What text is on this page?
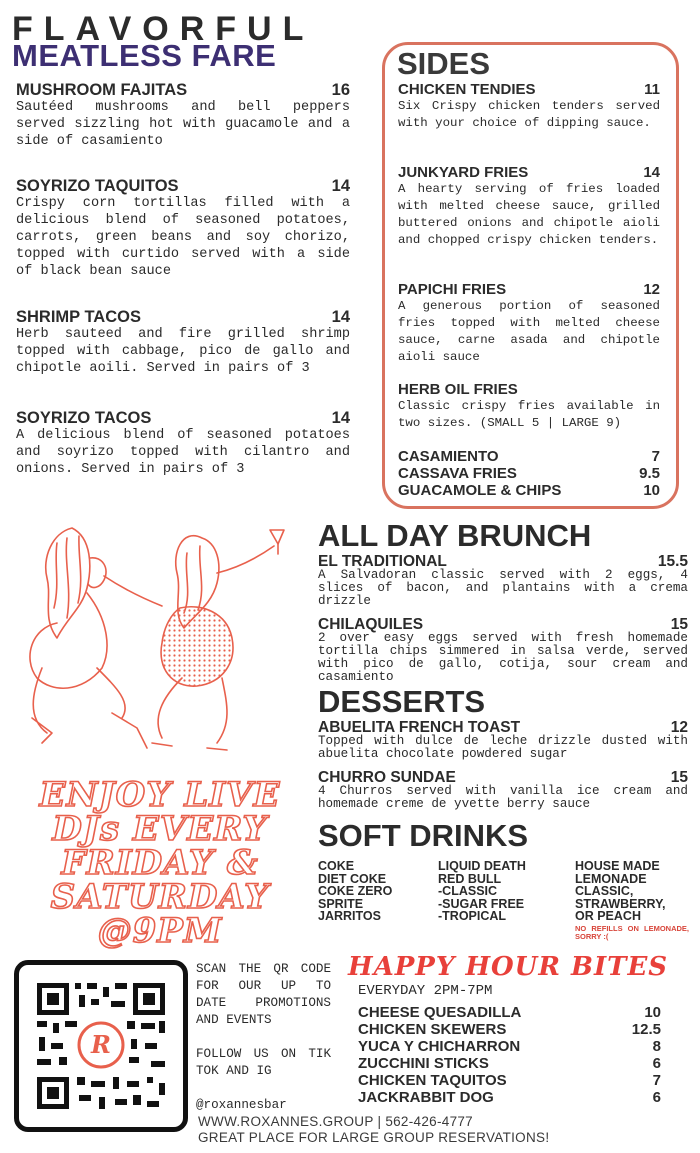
FLAVORFUL
MEATLESS FARE
MUSHROOM FAJITAS	16
Sautéed mushrooms and bell peppers served sizzling hot with guacamole and a side of casamiento
SOYRIZO TAQUITOS	14
Crispy corn tortillas filled with a delicious blend of seasoned potatoes, carrots, green beans and soy chorizo, topped with curtido served with a side of black bean sauce
SHRIMP TACOS	14
Herb sauteed and fire grilled shrimp topped with cabbage, pico de gallo and chipotle aoili. Served in pairs of 3
SOYRIZO TACOS	14
A delicious blend of seasoned potatoes and soyrizo topped with cilantro and onions. Served in pairs of 3
SIDES
CHICKEN TENDIES	11
Six Crispy chicken tenders served with your choice of dipping sauce.
JUNKYARD FRIES	14
A hearty serving of fries loaded with melted cheese sauce, grilled buttered onions and chipotle aioli and chopped crispy chicken tenders.
PAPICHI FRIES	12
A generous portion of seasoned fries topped with melted cheese sauce, carne asada and chipotle aioli sauce
HERB OIL FRIES
Classic crispy fries available in two sizes. (SMALL 5 | LARGE 9)
CASAMIENTO	7
CASSAVA FRIES	9.5
GUACAMOLE & CHIPS	10
ALL DAY BRUNCH
EL TRADITIONAL	15.5
A Salvadoran classic served with 2 eggs, 4 slices of bacon, and plantains with a crema drizzle
CHILAQUILES	15
2 over easy eggs served with fresh homemade tortilla chips simmered in salsa verde, served with pico de gallo, cotija, sour cream and casamiento
DESSERTS
ABUELITA FRENCH TOAST	12
Topped with dulce de leche drizzle dusted with abuelita chocolate powdered sugar
CHURRO SUNDAE	15
4 Churros served with vanilla ice cream and homemade creme de yvette berry sauce
SOFT DRINKS
COKE
DIET COKE
COKE ZERO
SPRITE
JARRITOS
LIQUID DEATH
RED BULL
-CLASSIC
-SUGAR FREE
-TROPICAL
HOUSE MADE
LEMONADE
CLASSIC,
STRAWBERRY,
OR PEACH
NO REFILLS ON LEMONADE, SORRY :(
ENJOY LIVE
DJs EVERY
FRIDAY &
SATURDAY
@9PM
R
SCAN THE QR CODE FOR OUR UP TO DATE PROMOTIONS AND EVENTS
FOLLOW US ON TIK TOK AND IG
@roxannesbar
HAPPY HOUR BITES
EVERYDAY 2PM-7PM
CHEESE QUESADILLA	10
CHICKEN SKEWERS	12.5
YUCA Y CHICHARRON	8
ZUCCHINI STICKS	6
CHICKEN TAQUITOS	7
JACKRABBIT DOG	6
WWW.ROXANNES.GROUP | 562-426-4777
GREAT PLACE FOR LARGE GROUP RESERVATIONS!
